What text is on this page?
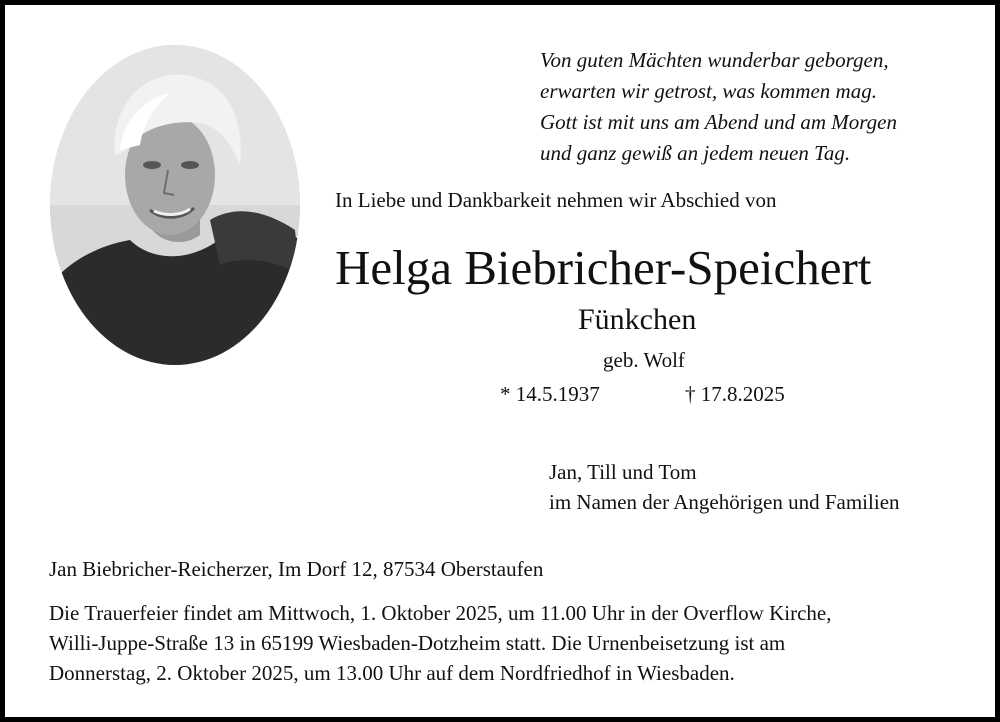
Von guten Mächten wunderbar geborgen,
erwarten wir getrost, was kommen mag.
Gott ist mit uns am Abend und am Morgen
und ganz gewiß an jedem neuen Tag.
In Liebe und Dankbarkeit nehmen wir Abschied von
Helga Biebricher-Speichert
Fünkchen
geb. Wolf
* 14.5.1937	† 17.8.2025
Jan, Till und Tom
im Namen der Angehörigen und Familien
Jan Biebricher-Reicherzer, Im Dorf 12, 87534 Oberstaufen
Die Trauerfeier findet am Mittwoch, 1. Oktober 2025, um 11.00 Uhr in der Overflow Kirche,
Willi-Juppe-Straße 13 in 65199 Wiesbaden-Dotzheim statt. Die Urnenbeisetzung ist am
Donnerstag, 2. Oktober 2025, um 13.00 Uhr auf dem Nordfriedhof in Wiesbaden.
